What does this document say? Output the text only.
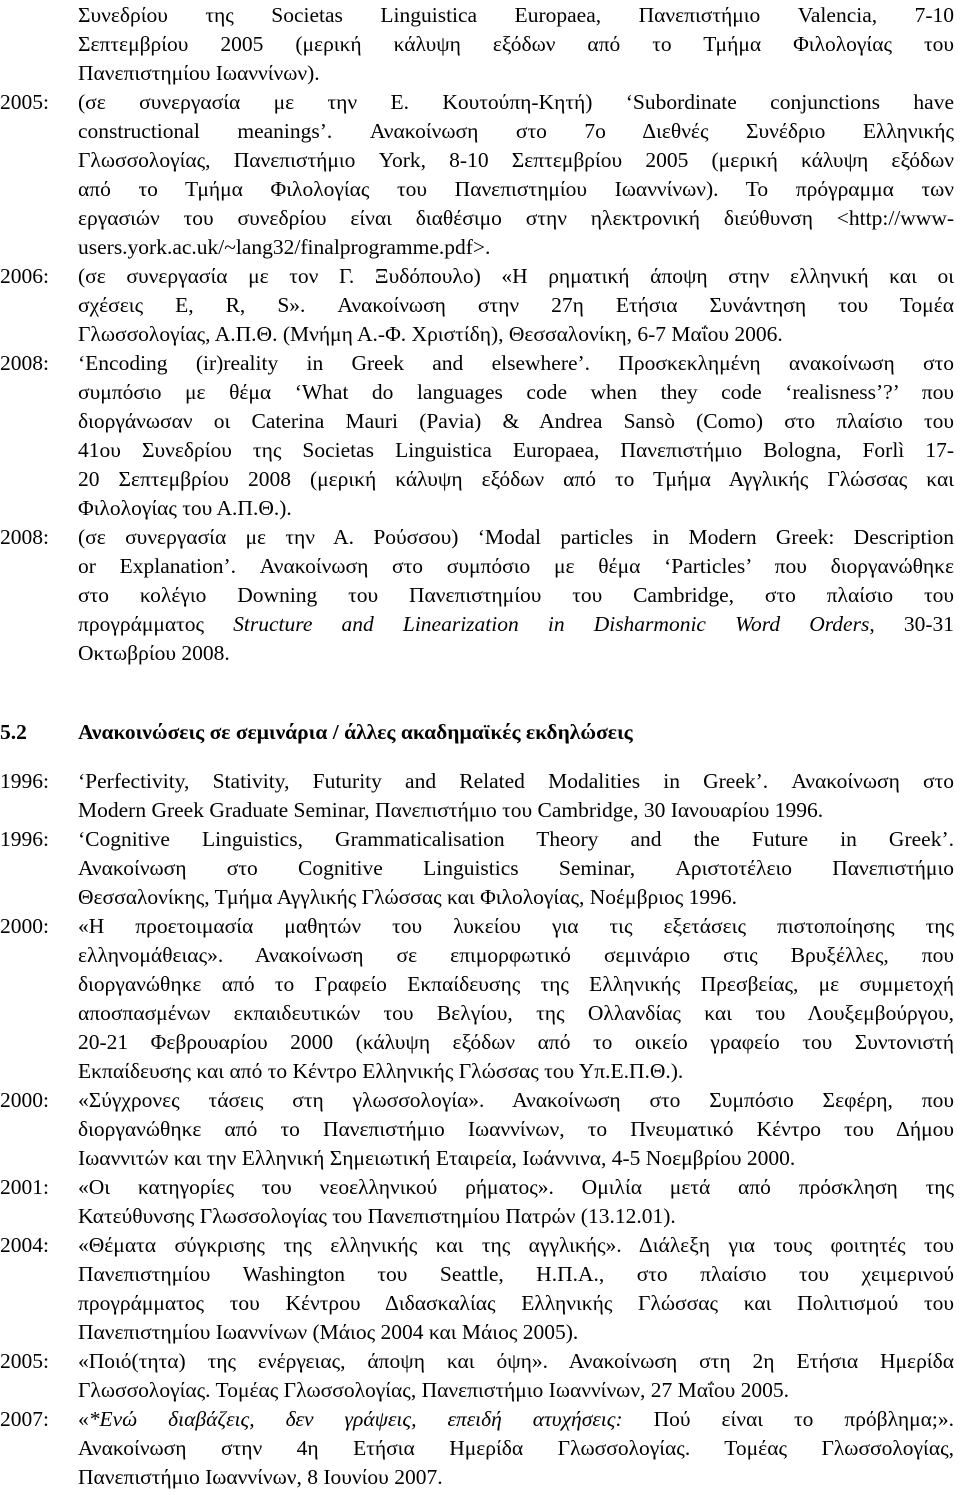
Συνεδρίου της Societas Linguistica Europaea, Πανεπιστήμιο Valencia, 7-10
Σεπτεμβρίου 2005 (μερική κάλυψη εξόδων από το Τμήμα Φιλολογίας του
Πανεπιστημίου Ιωαννίνων).
2005: (σε συνεργασία με την Ε. Κουτούπη-Κητή) ‘Subordinate conjunctions have
constructional meanings’. Ανακοίνωση στο 7ο Διεθνές Συνέδριο Ελληνικής
Γλωσσολογίας, Πανεπιστήμιο York, 8-10 Σεπτεμβρίου 2005 (μερική κάλυψη εξόδων
από το Τμήμα Φιλολογίας του Πανεπιστημίου Ιωαννίνων). Το πρόγραμμα των
εργασιών του συνεδρίου είναι διαθέσιμο στην ηλεκτρονική διεύθυνση <http://www-
users.york.ac.uk/~lang32/finalprogramme.pdf>.
2006: (σε συνεργασία με τον Γ. Ξυδόπουλο) «Η ρηματική άποψη στην ελληνική και οι
σχέσεις E, R, S». Ανακοίνωση στην 27η Ετήσια Συνάντηση του Τομέα
Γλωσσολογίας, Α.Π.Θ. (Μνήμη Α.-Φ. Χριστίδη), Θεσσαλονίκη, 6-7 Μαΐου 2006.
2008: ‘Encoding (ir)reality in Greek and elsewhere’. Προσκεκλημένη ανακοίνωση στο
συμπόσιο με θέμα ‘What do languages code when they code ‘realisness’?’ που
διοργάνωσαν οι Caterina Mauri (Pavia) & Andrea Sansò (Como) στο πλαίσιο του
41ου Συνεδρίου της Societas Linguistica Europaea, Πανεπιστήμιο Bologna, Forlì 17-
20 Σεπτεμβρίου 2008 (μερική κάλυψη εξόδων από το Τμήμα Αγγλικής Γλώσσας και
Φιλολογίας του Α.Π.Θ.).
2008: (σε συνεργασία με την Α. Ρούσσου) ‘Modal particles in Modern Greek: Description
or Explanation’. Ανακοίνωση στο συμπόσιο με θέμα ‘Particles’ που διοργανώθηκε
στο κολέγιο Downing του Πανεπιστημίου του Cambridge, στο πλαίσιο του
προγράμματος Structure and Linearization in Disharmonic Word Orders, 30-31
Οκτωβρίου 2008.
5.2 Ανακοινώσεις σε σεμινάρια / άλλες ακαδημαϊκές εκδηλώσεις
1996: ‘Perfectivity, Stativity, Futurity and Related Modalities in Greek’. Ανακοίνωση στο
Modern Greek Graduate Seminar, Πανεπιστήμιο του Cambridge, 30 Ιανουαρίου 1996.
1996: ‘Cognitive Linguistics, Grammaticalisation Theory and the Future in Greek’.
Ανακοίνωση στο Cognitive Linguistics Seminar, Αριστοτέλειο Πανεπιστήμιο
Θεσσαλονίκης, Τμήμα Αγγλικής Γλώσσας και Φιλολογίας, Νοέμβριος 1996.
2000: «Η προετοιμασία μαθητών του λυκείου για τις εξετάσεις πιστοποίησης της
ελληνομάθειας». Ανακοίνωση σε επιμορφωτικό σεμινάριο στις Βρυξέλλες, που
διοργανώθηκε από το Γραφείο Εκπαίδευσης της Ελληνικής Πρεσβείας, με συμμετοχή
αποσπασμένων εκπαιδευτικών του Βελγίου, της Ολλανδίας και του Λουξεμβούργου,
20-21 Φεβρουαρίου 2000 (κάλυψη εξόδων από το οικείο γραφείο του Συντονιστή
Εκπαίδευσης και από το Κέντρο Ελληνικής Γλώσσας του Υπ.Ε.Π.Θ.).
2000: «Σύγχρονες τάσεις στη γλωσσολογία». Ανακοίνωση στο Συμπόσιο Σεφέρη, που
διοργανώθηκε από το Πανεπιστήμιο Ιωαννίνων, το Πνευματικό Κέντρο του Δήμου
Ιωαννιτών και την Ελληνική Σημειωτική Εταιρεία, Ιωάννινα, 4-5 Νοεμβρίου 2000.
2001: «Οι κατηγορίες του νεοελληνικού ρήματος». Ομιλία μετά από πρόσκληση της
Κατεύθυνσης Γλωσσολογίας του Πανεπιστημίου Πατρών (13.12.01).
2004: «Θέματα σύγκρισης της ελληνικής και της αγγλικής». Διάλεξη για τους φοιτητές του
Πανεπιστημίου Washington του Seattle, Η.Π.Α., στο πλαίσιο του χειμερινού
προγράμματος του Κέντρου Διδασκαλίας Ελληνικής Γλώσσας και Πολιτισμού του
Πανεπιστημίου Ιωαννίνων (Μάιος 2004 και Μάιος 2005).
2005: «Ποιό(τητα) της ενέργειας, άποψη και όψη». Ανακοίνωση στη 2η Ετήσια Ημερίδα
Γλωσσολογίας. Τομέας Γλωσσολογίας, Πανεπιστήμιο Ιωαννίνων, 27 Μαΐου 2005.
2007: «*Ενώ διαβάζεις, δεν γράψεις, επειδή ατυχήσεις: Πού είναι το πρόβλημα;».
Ανακοίνωση στην 4η Ετήσια Ημερίδα Γλωσσολογίας. Τομέας Γλωσσολογίας,
Πανεπιστήμιο Ιωαννίνων, 8 Ιουνίου 2007.
